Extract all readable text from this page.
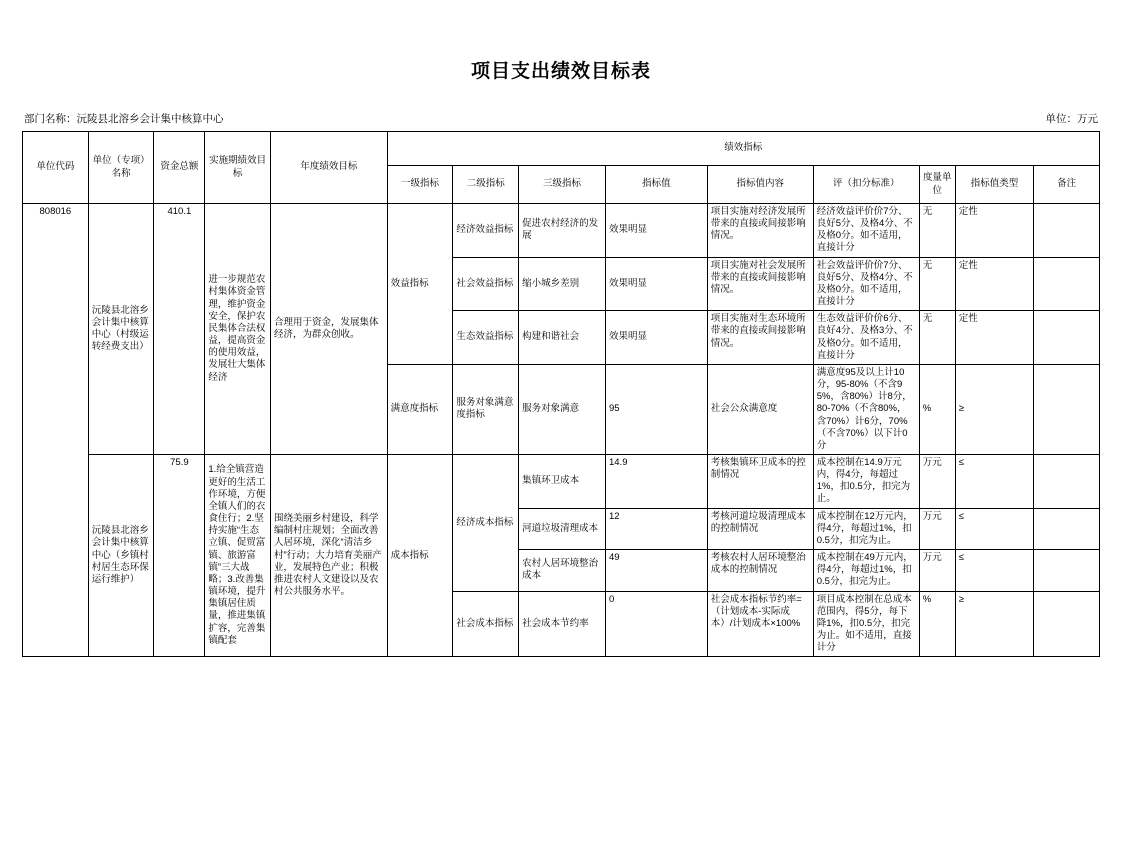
项目支出绩效目标表
部门名称：沅陵县北溶乡会计集中核算中心	单位：万元
单位代码	单位（专项）名称	资金总额	实施期绩效目标	年度绩效目标	绩效指标								
					一级指标	二级指标	三级指标	指标值	指标值内容	评（扣分标准）	度量单位	指标值类型	备注
808016	沅陵县北溶乡会计集中核算中心（村级运转经费支出）	410.1	进一步规范农村集体资金管理，维护资金安全，保护农民集体合法权益，提高资金的使用效益，发展壮大集体经济	合理用于资金，发展集体经济，为群众创收。	效益指标	经济效益指标	促进农村经济的发展	效果明显	项目实施对经济发展所带来的直接或间接影响情况。	经济效益评价价7分、良好5分、及格4分、不及格0分。如不适用，直接计分	无	定性	
						社会效益指标	缩小城乡差别	效果明显	项目实施对社会发展所带来的直接或间接影响情况。	社会效益评价价7分、良好5分、及格4分、不及格0分。如不适用，直接计分	无	定性	
						生态效益指标	构建和谐社会	效果明显	项目实施对生态环境所带来的直接或间接影响情况。	生态效益评价价6分、良好4分、及格3分、不及格0分。如不适用，直接计分	无	定性	
					满意度指标	服务对象满意度指标	服务对象满意	95	社会公众满意度	满意度95及以上计10分，95-80%（不含95%，含80%）计8分，80-70%（不含80%，含70%）计6分，70%（不含70%）以下计0分	%	≥	
	沅陵县北溶乡会计集中核算中心（乡镇村村居生态环保运行维护）	75.9	1.给全镇营造更好的生活工作环境，方便全镇人们的衣食住行；2.坚持实施“生态立镇、促贸富镇、旅游富镇”三大战略；3.改善集镇环境，提升集镇居住质量，推进集镇扩容，完善集镇配套	围绕美丽乡村建设，科学编制村庄规划；全面改善人居环境，深化“清洁乡村”行动；大力培育美丽产业，发展特色产业；积极推进农村人文建设以及农村公共服务水平。	成本指标	经济成本指标	集镇环卫成本	14.9	考核集镇环卫成本的控制情况	成本控制在14.9万元内，得4分，每超过1%，扣0.5分，扣完为止。	万元	≤	
							河道垃圾清理成本	12	考核河道垃圾清理成本的控制情况	成本控制在12万元内，得4分，每超过1%，扣0.5分，扣完为止。	万元	≤	
							农村人居环境整治成本	49	考核农村人居环境整治成本的控制情况	成本控制在49万元内，得4分，每超过1%，扣0.5分，扣完为止。	万元	≤	
						社会成本指标	社会成本节约率	0	社会成本指标节约率=（计划成本-实际成本）/计划成本×100%	项目成本控制在总成本范围内，得5分，每下降1%，扣0.5分，扣完为止。如不适用，直接计分	%	≥	
